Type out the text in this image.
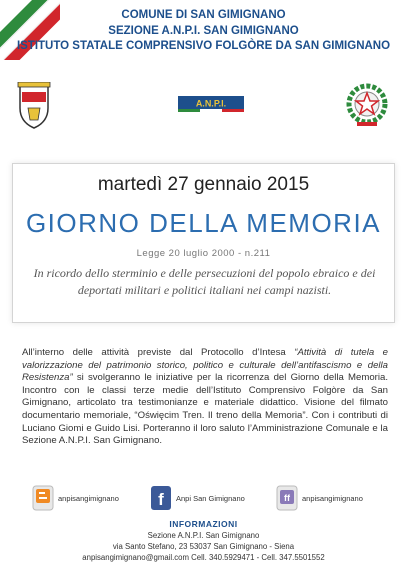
COMUNE DI SAN GIMIGNANO
SEZIONE A.N.P.I. SAN GIMIGNANO
ISTITUTO STATALE COMPRENSIVO FOLGÒRE DA SAN GIMIGNANO
A.N.P.I.
martedì 27 gennaio 2015
GIORNO DELLA MEMORIA
Legge 20 luglio 2000 - n.211
In ricordo dello sterminio e delle persecuzioni del popolo ebraico e dei deportati militari e politici italiani nei campi nazisti.
All’interno delle attività previste dal Protocollo d’Intesa “Attività di tutela e valorizzazione del patrimonio storico, politico e culturale dell’antifascismo e della Resistenza” si svolgeranno le iniziative per la ricorrenza del Giorno della Memoria. Incontro con le classi terze medie dell’Istituto Comprensivo Folgòre da San Gimignano, articolato tra testimonianze e materiale didattico. Visione del filmato documentario memoriale, “Oświęcim Tren. Il treno della Memoria”. Con i contributi di Luciano Giomi e Guido Lisi. Porteranno il loro saluto l’Amministrazione Comunale e la Sezione A.N.P.I. San Gimignano.
anpisangimignano f Anpi San Gimignano	ff anpisangimignano
INFORMAZIONI
Sezione A.N.P.I. San Gimignano
via Santo Stefano, 23 53037 San Gimignano - Siena
anpisangimignano@gmail.com Cell. 340.5929471 - Cell. 347.5501552
